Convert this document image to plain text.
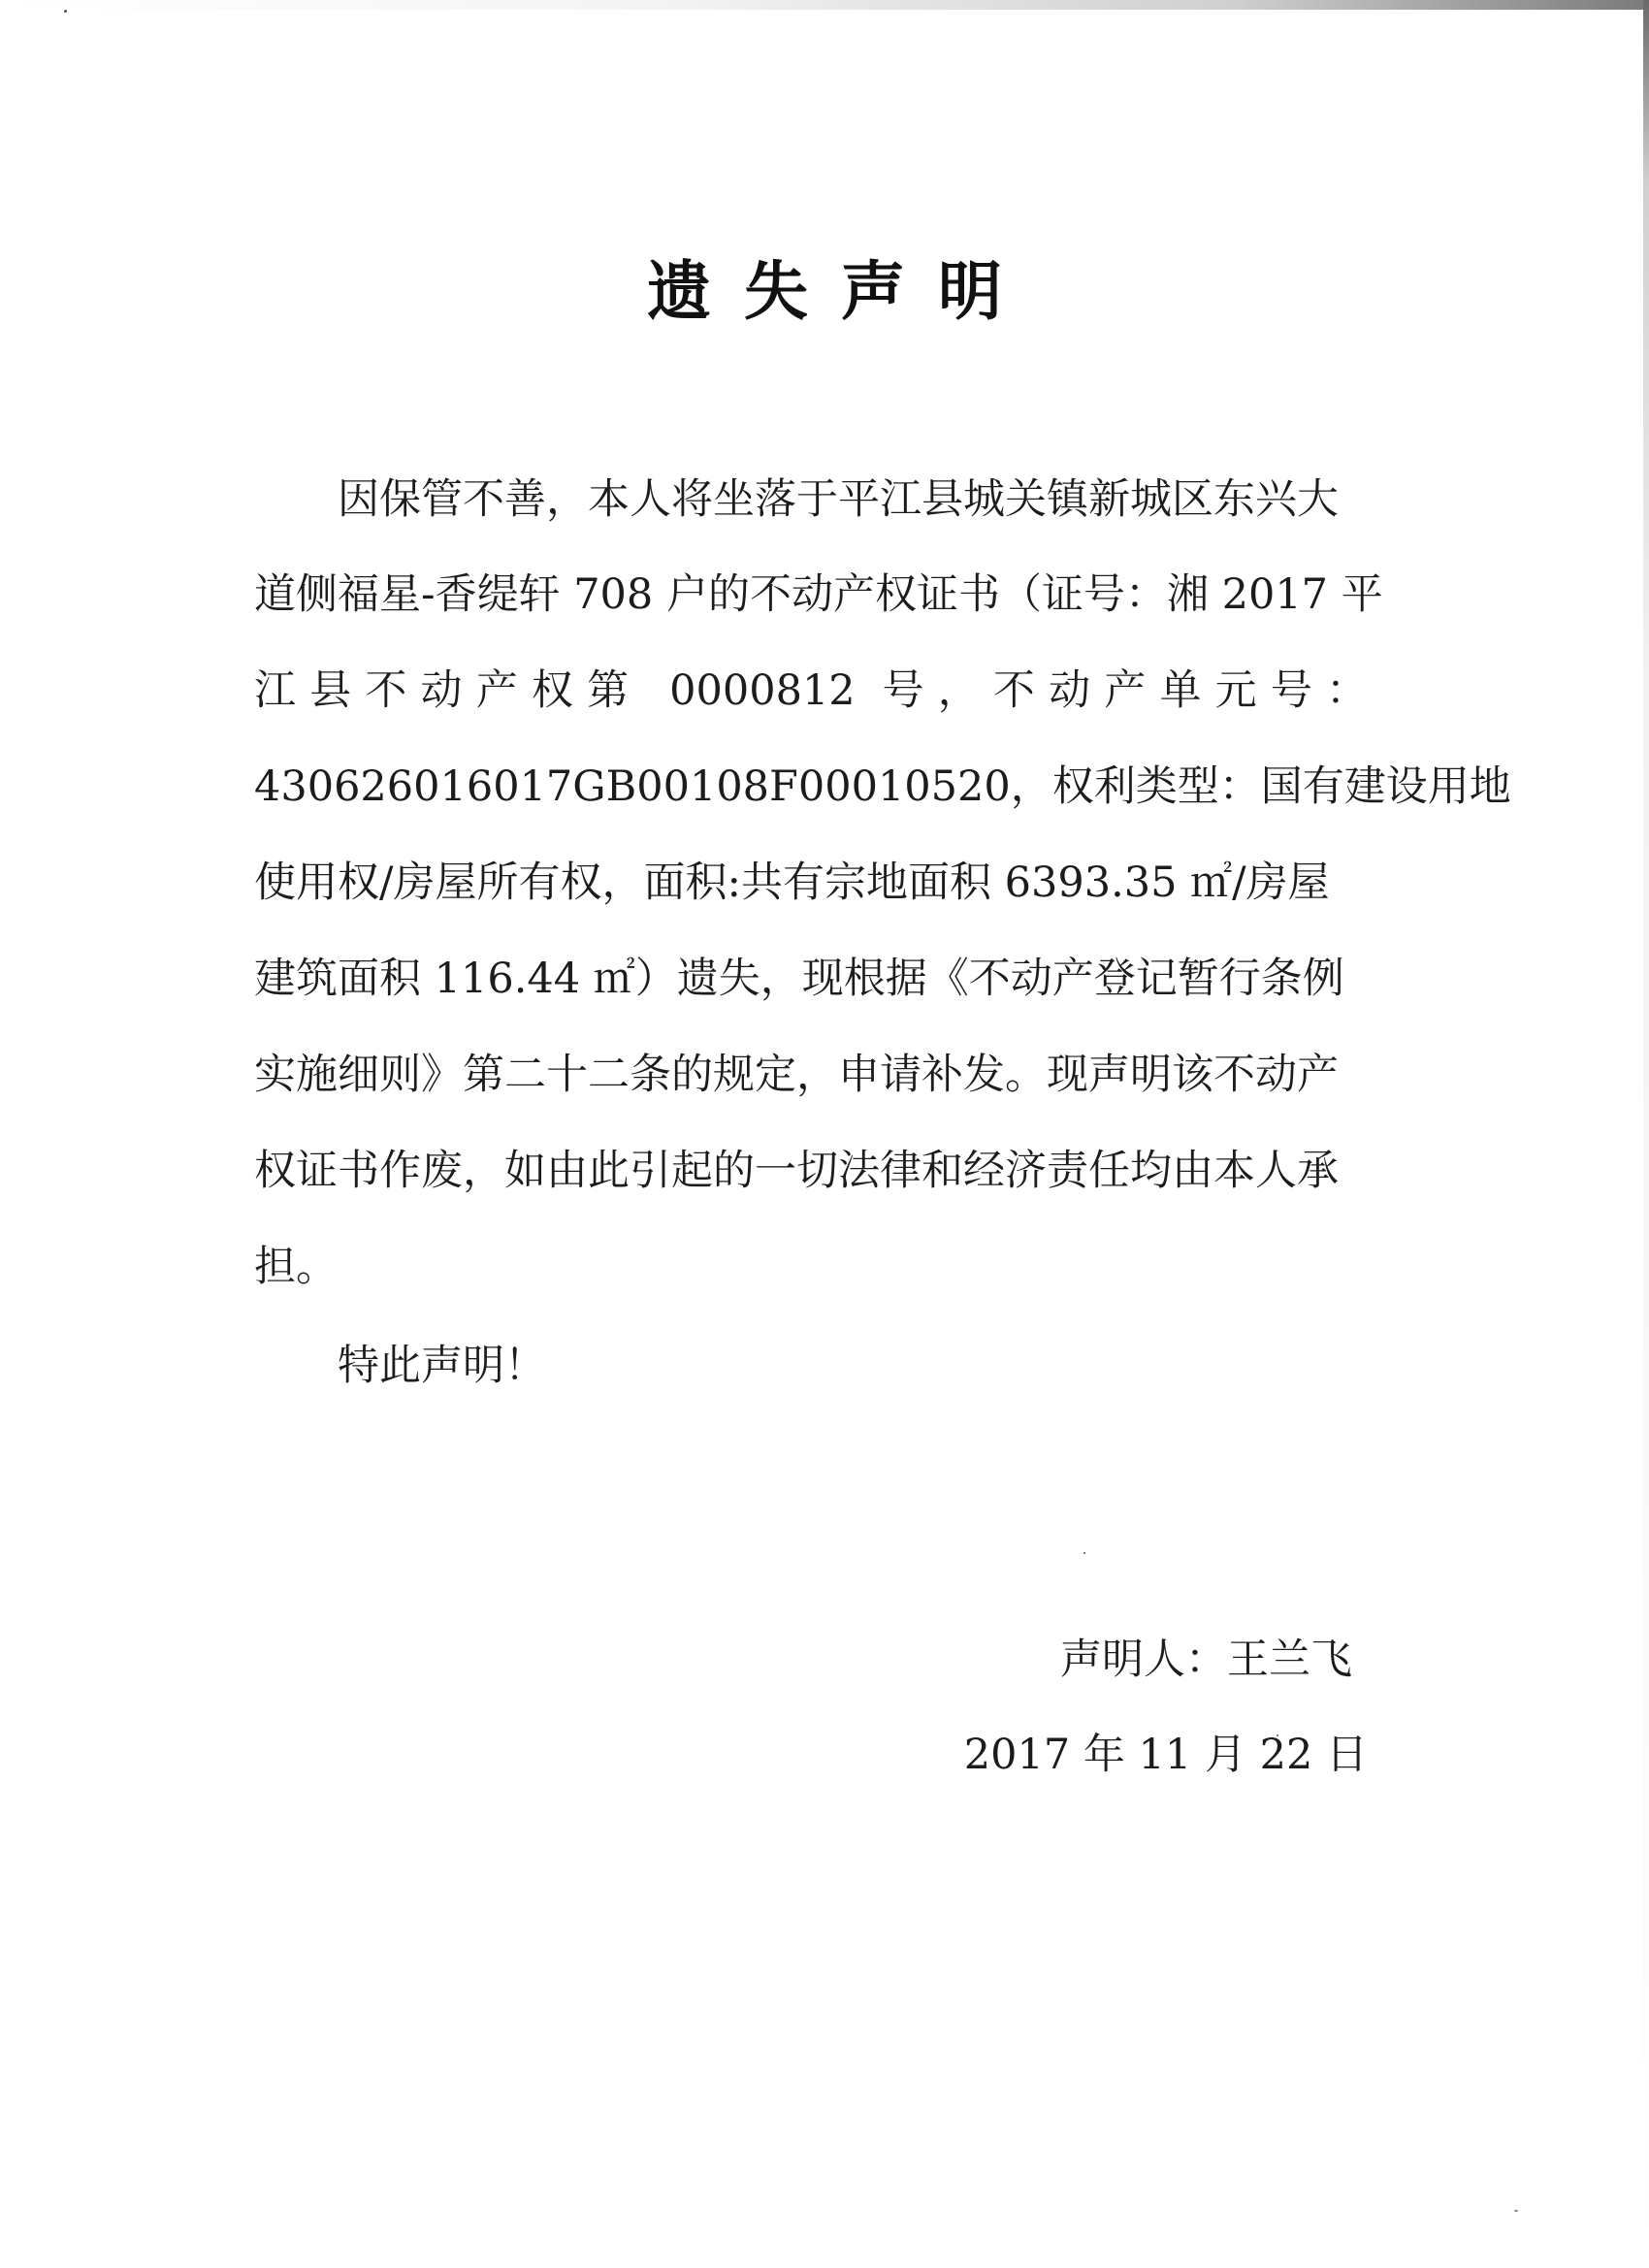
遗失声明

因保管不善，本人将坐落于平江县城关镇新城区东兴大

道侧福星-香缇轩 708 户的不动产权证书（证号：湘 2017 平

江县不动产权第 0000812 号，不动产单元号：

430626016017GB00108F00010520，权利类型：国有建设用地

使用权/房屋所有权，面积:共有宗地面积 6393.35 ㎡/房屋

建筑面积 116.44 ㎡）遗失，现根据《不动产登记暂行条例

实施细则》第二十二条的规定，申请补发。现声明该不动产

权证书作废，如由此引起的一切法律和经济责任均由本人承

担。

特此声明！

声明人：王兰飞

2017 年 11 月 22 日
